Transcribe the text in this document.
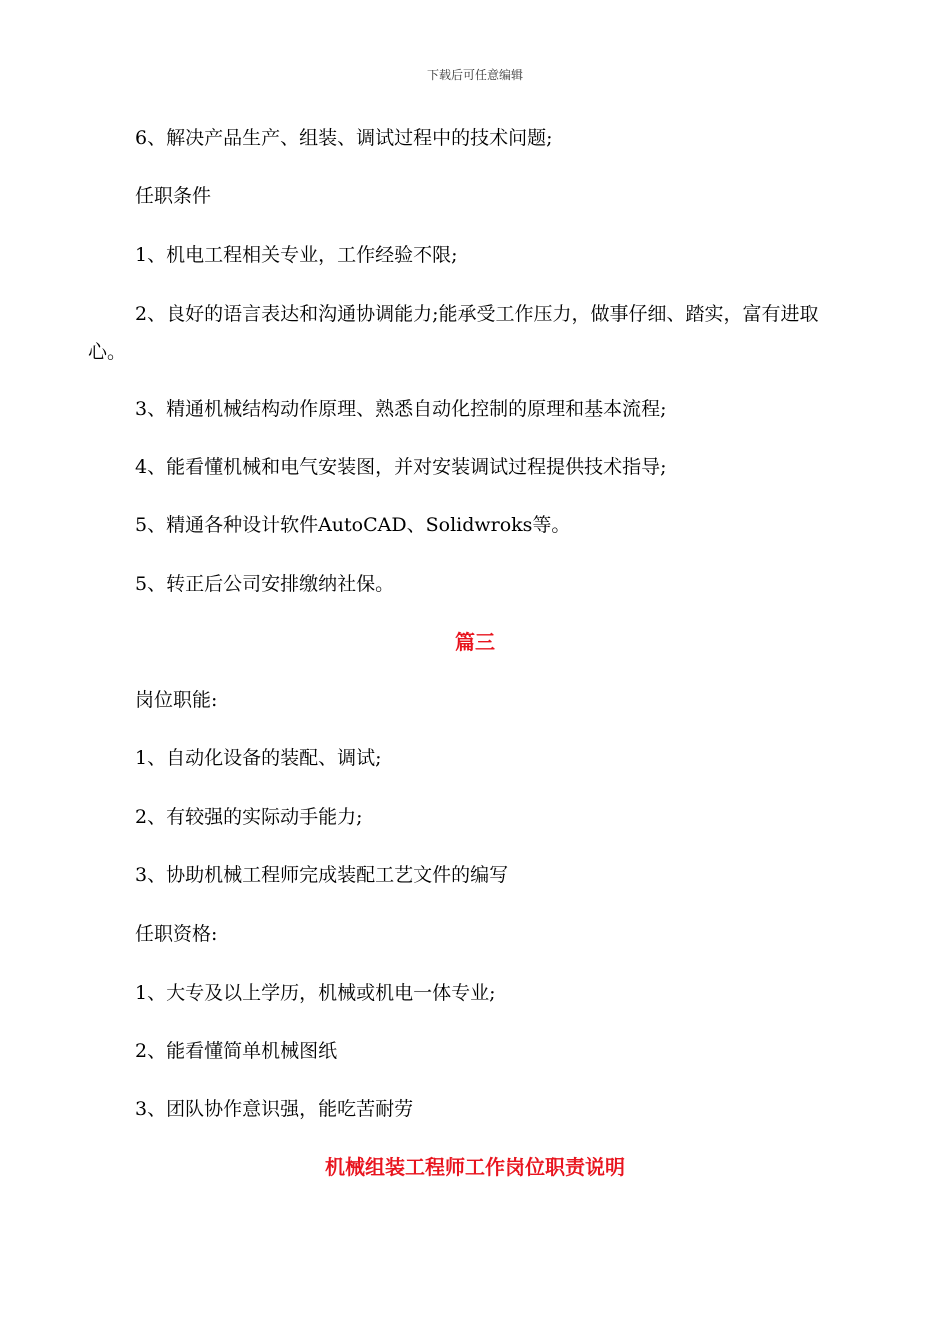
下载后可任意编辑
6、解决产品生产、组装、调试过程中的技术问题;
任职条件
1、机电工程相关专业，工作经验不限;
2、良好的语言表达和沟通协调能力;能承受工作压力，做事仔细、踏实，富有进取心。
3、精通机械结构动作原理、熟悉自动化控制的原理和基本流程;
4、能看懂机械和电气安装图，并对安装调试过程提供技术指导;
5、精通各种设计软件AutoCAD、Solidwroks等。
5、转正后公司安排缴纳社保。
篇三
岗位职能:
1、自动化设备的装配、调试;
2、有较强的实际动手能力;
3、协助机械工程师完成装配工艺文件的编写
任职资格:
1、大专及以上学历，机械或机电一体专业;
2、能看懂简单机械图纸
3、团队协作意识强，能吃苦耐劳
机械组装工程师工作岗位职责说明
